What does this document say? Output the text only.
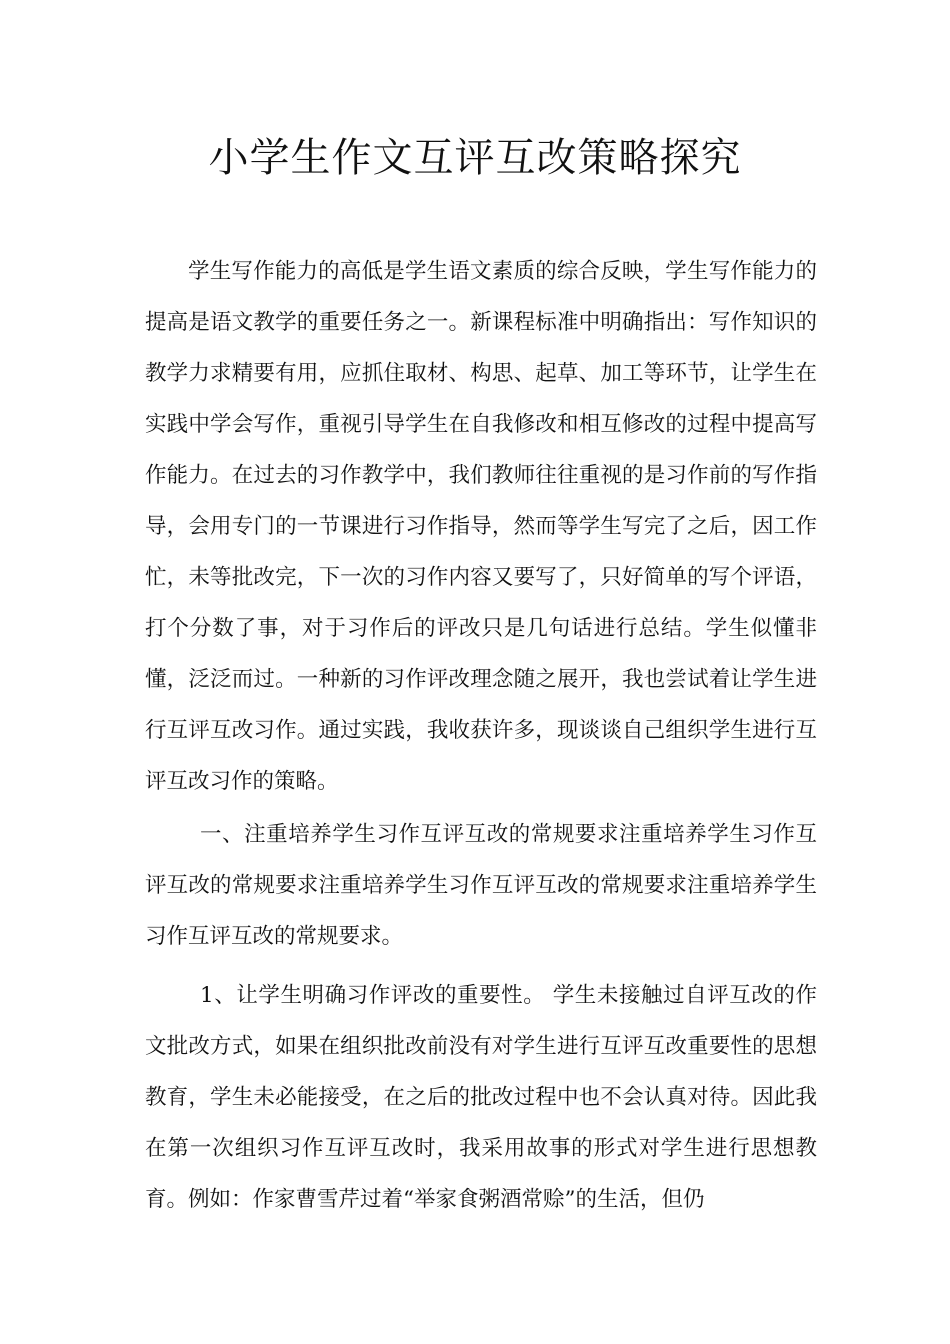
小学生作文互评互改策略探究

学生写作能力的高低是学生语文素质的综合反映，学生写作能力的提高是语文教学的重要任务之一。新课程标准中明确指出：写作知识的教学力求精要有用，应抓住取材、构思、起草、加工等环节，让学生在实践中学会写作，重视引导学生在自我修改和相互修改的过程中提高写作能力。在过去的习作教学中，我们教师往往重视的是习作前的写作指导，会用专门的一节课进行习作指导，然而等学生写完了之后，因工作忙，未等批改完，下一次的习作内容又要写了，只好简单的写个评语，打个分数了事，对于习作后的评改只是几句话进行总结。学生似懂非懂，泛泛而过。一种新的习作评改理念随之展开，我也尝试着让学生进行互评互改习作。通过实践，我收获许多，现谈谈自己组织学生进行互评互改习作的策略。

一、注重培养学生习作互评互改的常规要求注重培养学生习作互评互改的常规要求注重培养学生习作互评互改的常规要求注重培养学生习作互评互改的常规要求。

1、让学生明确习作评改的重要性。 学生未接触过自评互改的作文批改方式，如果在组织批改前没有对学生进行互评互改重要性的思想教育，学生未必能接受，在之后的批改过程中也不会认真对待。因此我在第一次组织习作互评互改时，我采用故事的形式对学生进行思想教育。例如：作家曹雪芹过着“举家食粥酒常赊”的生活，但仍
